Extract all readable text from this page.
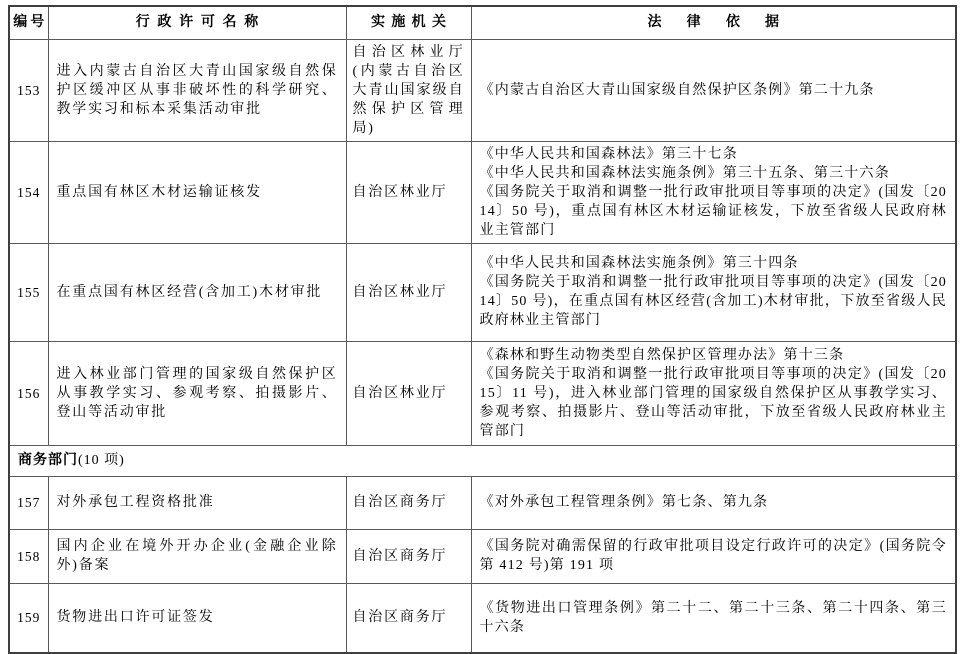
编号	行政许可名称	实施机关	法律依据
153	进入内蒙古自治区大青山国家级自然保护区缓冲区从事非破坏性的科学研究、教学实习和标本采集活动审批	自治区林业厅(内蒙古自治区大青山国家级自然保护区管理局)	《内蒙古自治区大青山国家级自然保护区条例》第二十九条

154	重点国有林区木材运输证核发	自治区林业厅	《中华人民共和国森林法》第三十七条
《中华人民共和国森林法实施条例》第三十五条、第三十六条
《国务院关于取消和调整一批行政审批项目等事项的决定》(国发〔2014〕50 号)，重点国有林区木材运输证核发，下放至省级人民政府林业主管部门

155	在重点国有林区经营(含加工)木材审批	自治区林业厅	《中华人民共和国森林法实施条例》第三十四条
《国务院关于取消和调整一批行政审批项目等事项的决定》(国发〔2014〕50 号)，在重点国有林区经营(含加工)木材审批，下放至省级人民政府林业主管部门

156	进入林业部门管理的国家级自然保护区从事教学实习、参观考察、拍摄影片、登山等活动审批	自治区林业厅	《森林和野生动物类型自然保护区管理办法》第十三条
《国务院关于取消和调整一批行政审批项目等事项的决定》(国发〔2015〕11 号)，进入林业部门管理的国家级自然保护区从事教学实习、参观考察、拍摄影片、登山等活动审批，下放至省级人民政府林业主管部门

商务部门(10 项)			
157	对外承包工程资格批准	自治区商务厅	《对外承包工程管理条例》第七条、第九条

158	国内企业在境外开办企业(金融企业除外)备案	自治区商务厅	《国务院对确需保留的行政审批项目设定行政许可的决定》(国务院令第 412 号)第 191 项

159	货物进出口许可证签发	自治区商务厅	《货物进出口管理条例》第二十二、第二十三条、第二十四条、第三十六条
